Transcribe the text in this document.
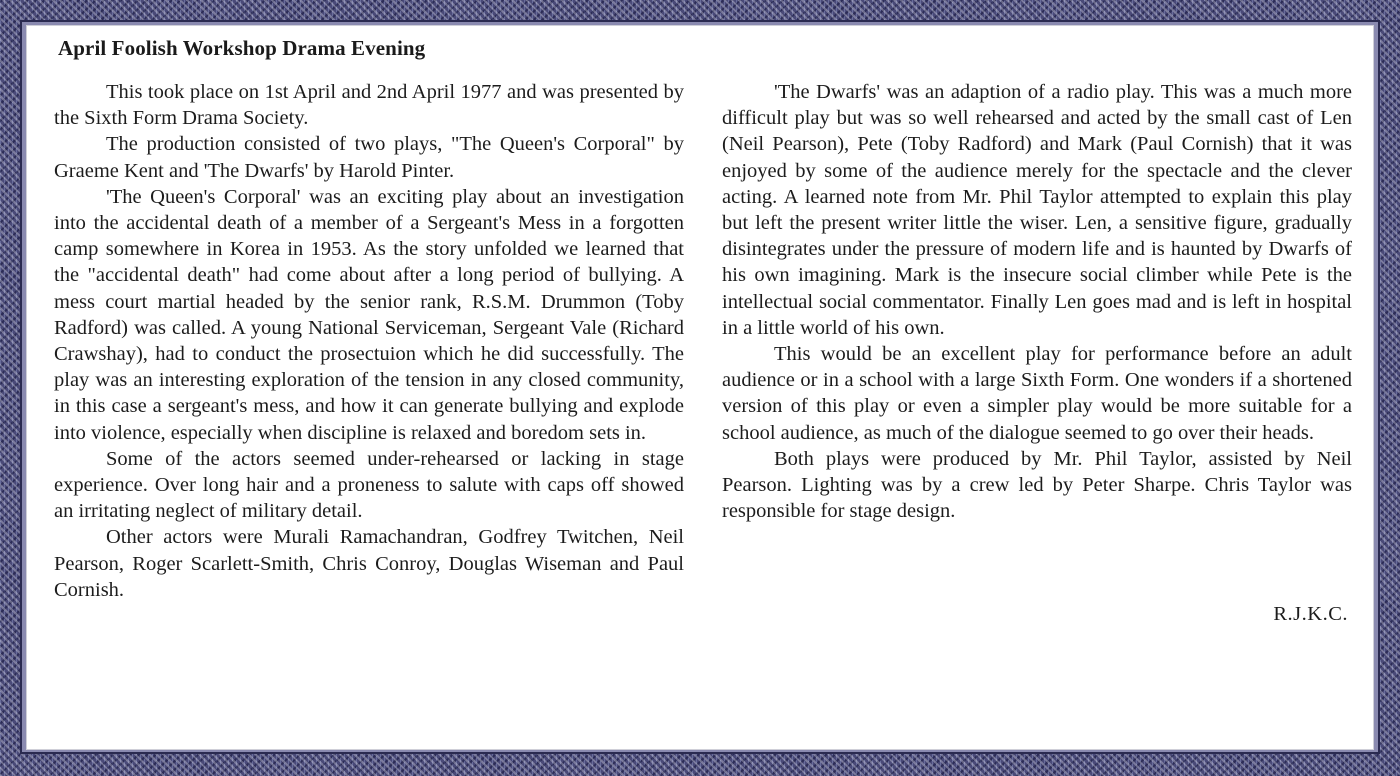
April Foolish Workshop Drama Evening

This took place on 1st April and 2nd April 1977 and was presented by the Sixth Form Drama Society.

The production consisted of two plays, "The Queen's Corporal" by Graeme Kent and 'The Dwarfs' by Harold Pinter.

'The Queen's Corporal' was an exciting play about an investigation into the accidental death of a member of a Sergeant's Mess in a forgotten camp somewhere in Korea in 1953. As the story unfolded we learned that the "accidental death" had come about after a long period of bullying. A mess court martial headed by the senior rank, R.S.M. Drummon (Toby Radford) was called. A young National Serviceman, Sergeant Vale (Richard Crawshay), had to conduct the prosectuion which he did successfully. The play was an interesting exploration of the tension in any closed community, in this case a sergeant's mess, and how it can generate bullying and explode into violence, especially when discipline is relaxed and boredom sets in.

Some of the actors seemed under-rehearsed or lacking in stage experience. Over long hair and a proneness to salute with caps off showed an irritating neglect of military detail.

Other actors were Murali Ramachandran, Godfrey Twitchen, Neil Pearson, Roger Scarlett-Smith, Chris Conroy, Douglas Wiseman and Paul Cornish.

'The Dwarfs' was an adaption of a radio play. This was a much more difficult play but was so well rehearsed and acted by the small cast of Len (Neil Pearson), Pete (Toby Radford) and Mark (Paul Cornish) that it was enjoyed by some of the audience merely for the spectacle and the clever acting. A learned note from Mr. Phil Taylor attempted to explain this play but left the present writer little the wiser. Len, a sensitive figure, gradually disintegrates under the pressure of modern life and is haunted by Dwarfs of his own imagining. Mark is the insecure social climber while Pete is the intellectual social commentator. Finally Len goes mad and is left in hospital in a little world of his own.

This would be an excellent play for performance before an adult audience or in a school with a large Sixth Form. One wonders if a shortened version of this play or even a simpler play would be more suitable for a school audience, as much of the dialogue seemed to go over their heads.

Both plays were produced by Mr. Phil Taylor, assisted by Neil Pearson. Lighting was by a crew led by Peter Sharpe. Chris Taylor was responsible for stage design.

R.J.K.C.
